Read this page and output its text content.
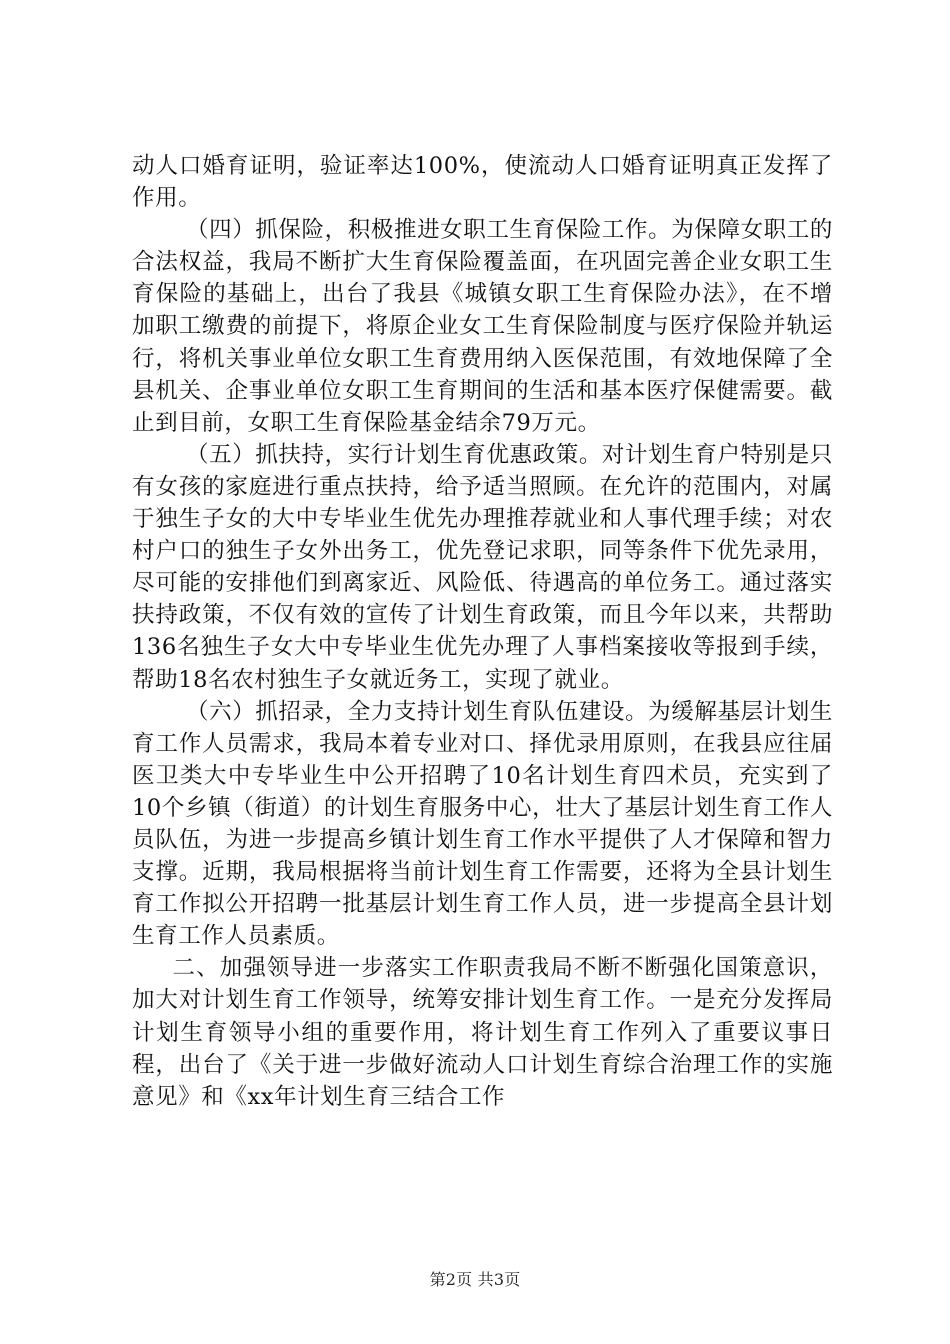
动人口婚育证明，验证率达100%，使流动人口婚育证明真正发挥了作用。

（四）抓保险，积极推进女职工生育保险工作。为保障女职工的合法权益，我局不断扩大生育保险覆盖面，在巩固完善企业女职工生育保险的基础上，出台了我县《城镇女职工生育保险办法》，在不增加职工缴费的前提下，将原企业女工生育保险制度与医疗保险并轨运行，将机关事业单位女职工生育费用纳入医保范围，有效地保障了全县机关、企事业单位女职工生育期间的生活和基本医疗保健需要。截止到目前，女职工生育保险基金结余79万元。

（五）抓扶持，实行计划生育优惠政策。对计划生育户特别是只有女孩的家庭进行重点扶持，给予适当照顾。在允许的范围内，对属于独生子女的大中专毕业生优先办理推荐就业和人事代理手续；对农村户口的独生子女外出务工，优先登记求职，同等条件下优先录用，尽可能的安排他们到离家近、风险低、待遇高的单位务工。通过落实扶持政策，不仅有效的宣传了计划生育政策，而且今年以来，共帮助136名独生子女大中专毕业生优先办理了人事档案接收等报到手续，帮助18名农村独生子女就近务工，实现了就业。

（六）抓招录，全力支持计划生育队伍建设。为缓解基层计划生育工作人员需求，我局本着专业对口、择优录用原则，在我县应往届医卫类大中专毕业生中公开招聘了10名计划生育四术员，充实到了10个乡镇（街道）的计划生育服务中心，壮大了基层计划生育工作人员队伍，为进一步提高乡镇计划生育工作水平提供了人才保障和智力支撑。近期，我局根据将当前计划生育工作需要，还将为全县计划生育工作拟公开招聘一批基层计划生育工作人员，进一步提高全县计划生育工作人员素质。

二、加强领导进一步落实工作职责我局不断不断强化国策意识，加大对计划生育工作领导，统筹安排计划生育工作。一是充分发挥局计划生育领导小组的重要作用，将计划生育工作列入了重要议事日程，出台了《关于进一步做好流动人口计划生育综合治理工作的实施意见》和《xx年计划生育三结合工作

第2页 共3页
